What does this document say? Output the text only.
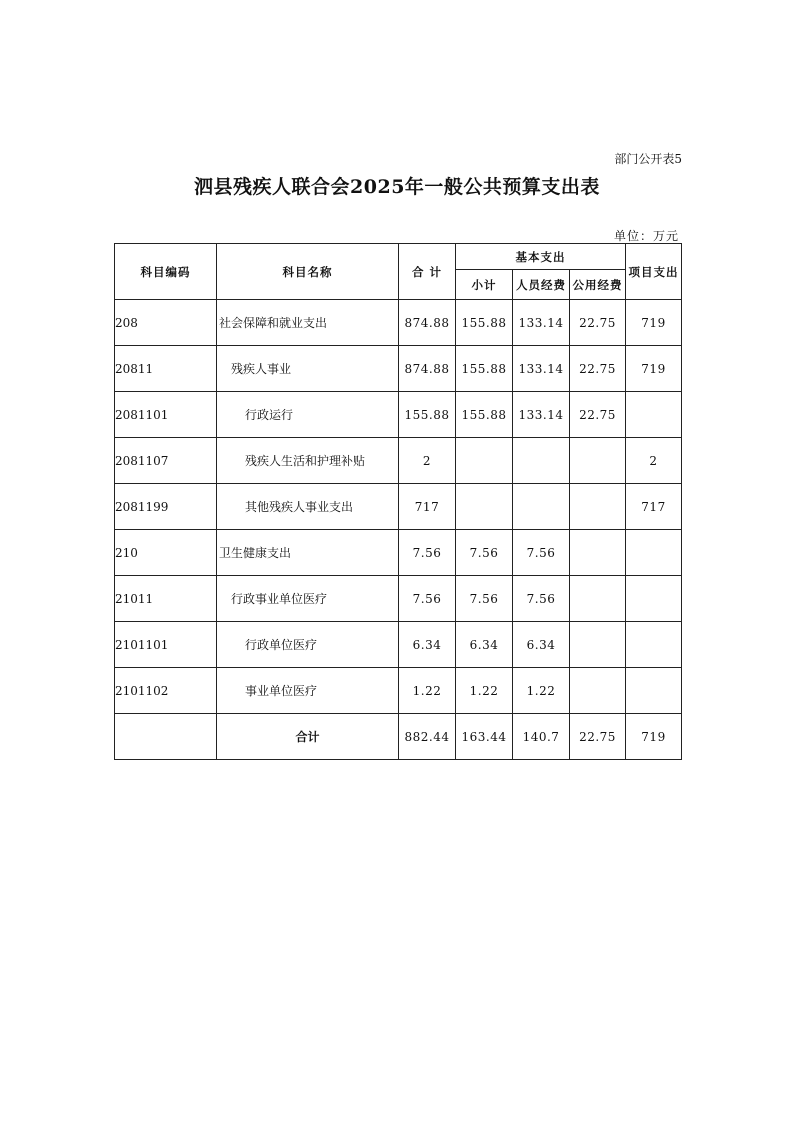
部门公开表5
泗县残疾人联合会2025年一般公共预算支出表
单位：万元
科目编码	科目名称	合 计	基本支出			项目支出
			小计	人员经费	公用经费	
208	社会保障和就业支出	874.88	155.88	133.14	22.75	719
20811	残疾人事业	874.88	155.88	133.14	22.75	719
2081101	行政运行	155.88	155.88	133.14	22.75	
2081107	残疾人生活和护理补贴	2				2
2081199	其他残疾人事业支出	717				717
210	卫生健康支出	7.56	7.56	7.56		
21011	行政事业单位医疗	7.56	7.56	7.56		
2101101	行政单位医疗	6.34	6.34	6.34		
2101102	事业单位医疗	1.22	1.22	1.22		
	合计	882.44	163.44	140.7	22.75	719
